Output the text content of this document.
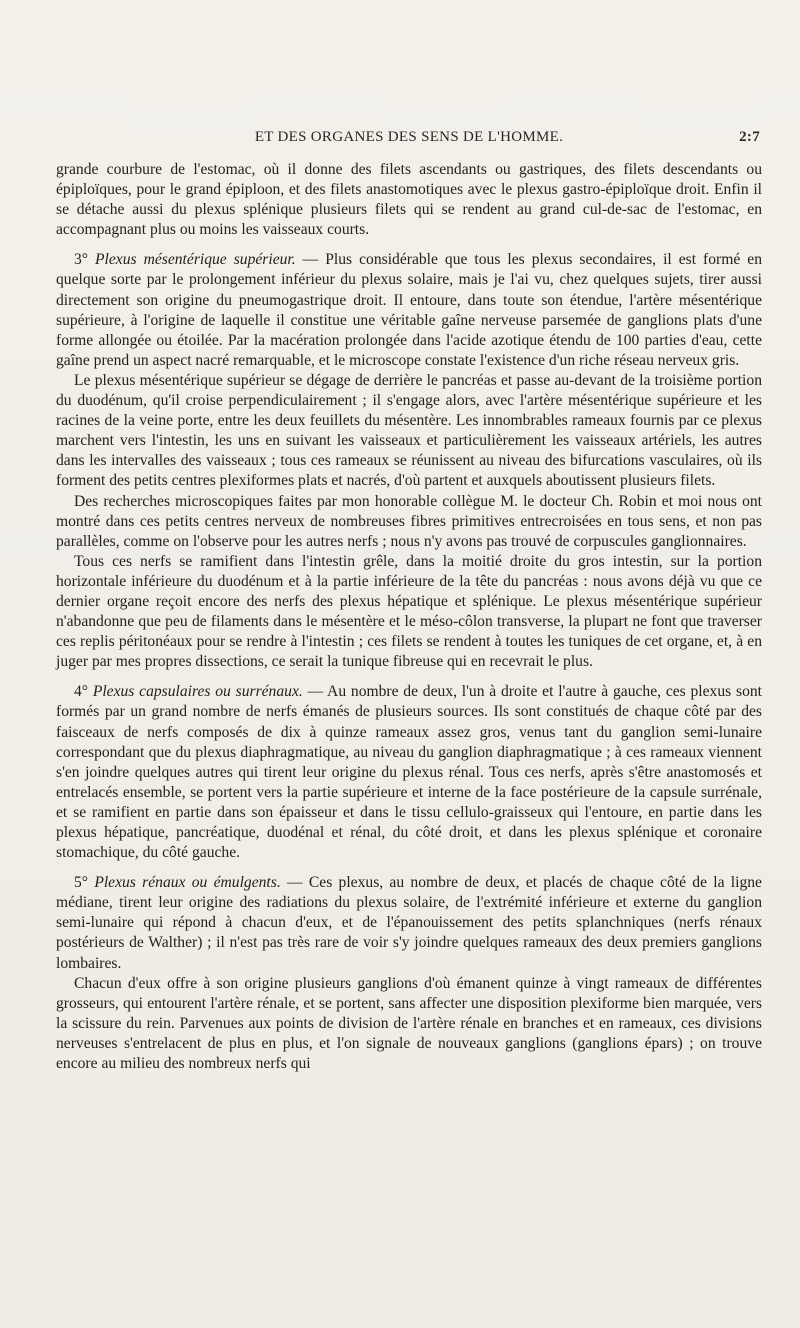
ET DES ORGANES DES SENS DE L'HOMME.	2:7

grande courbure de l'estomac, où il donne des filets ascendants ou gastriques, des filets descendants ou épiploïques, pour le grand épiploon, et des filets anastomotiques avec le plexus gastro-épiploïque droit. Enfin il se détache aussi du plexus splénique plusieurs filets qui se rendent au grand cul-de-sac de l'estomac, en accompagnant plus ou moins les vaisseaux courts.

3° Plexus mésentérique supérieur. — Plus considérable que tous les plexus secondaires, il est formé en quelque sorte par le prolongement inférieur du plexus solaire, mais je l'ai vu, chez quelques sujets, tirer aussi directement son origine du pneumogastrique droit. Il entoure, dans toute son étendue, l'artère mésentérique supérieure, à l'origine de laquelle il constitue une véritable gaîne nerveuse parsemée de ganglions plats d'une forme allongée ou étoilée. Par la macération prolongée dans l'acide azotique étendu de 100 parties d'eau, cette gaîne prend un aspect nacré remarquable, et le microscope constate l'existence d'un riche réseau nerveux gris.

Le plexus mésentérique supérieur se dégage de derrière le pancréas et passe au-devant de la troisième portion du duodénum, qu'il croise perpendiculairement ; il s'engage alors, avec l'artère mésentérique supérieure et les racines de la veine porte, entre les deux feuillets du mésentère. Les innombrables rameaux fournis par ce plexus marchent vers l'intestin, les uns en suivant les vaisseaux et particulièrement les vaisseaux artériels, les autres dans les intervalles des vaisseaux ; tous ces rameaux se réunissent au niveau des bifurcations vasculaires, où ils forment des petits centres plexiformes plats et nacrés, d'où partent et auxquels aboutissent plusieurs filets.

Des recherches microscopiques faites par mon honorable collègue M. le docteur Ch. Robin et moi nous ont montré dans ces petits centres nerveux de nombreuses fibres primitives entrecroisées en tous sens, et non pas parallèles, comme on l'observe pour les autres nerfs ; nous n'y avons pas trouvé de corpuscules ganglionnaires.

Tous ces nerfs se ramifient dans l'intestin grêle, dans la moitié droite du gros intestin, sur la portion horizontale inférieure du duodénum et à la partie inférieure de la tête du pancréas : nous avons déjà vu que ce dernier organe reçoit encore des nerfs des plexus hépatique et splénique. Le plexus mésentérique supérieur n'abandonne que peu de filaments dans le mésentère et le méso-côlon transverse, la plupart ne font que traverser ces replis péritonéaux pour se rendre à l'intestin ; ces filets se rendent à toutes les tuniques de cet organe, et, à en juger par mes propres dissections, ce serait la tunique fibreuse qui en recevrait le plus.

4° Plexus capsulaires ou surrénaux. — Au nombre de deux, l'un à droite et l'autre à gauche, ces plexus sont formés par un grand nombre de nerfs émanés de plusieurs sources. Ils sont constitués de chaque côté par des faisceaux de nerfs composés de dix à quinze rameaux assez gros, venus tant du ganglion semi-lunaire correspondant que du plexus diaphragmatique, au niveau du ganglion diaphragmatique ; à ces rameaux viennent s'en joindre quelques autres qui tirent leur origine du plexus rénal. Tous ces nerfs, après s'être anastomosés et entrelacés ensemble, se portent vers la partie supérieure et interne de la face postérieure de la capsule surrénale, et se ramifient en partie dans son épaisseur et dans le tissu cellulo-graisseux qui l'entoure, en partie dans les plexus hépatique, pancréatique, duodénal et rénal, du côté droit, et dans les plexus splénique et coronaire stomachique, du côté gauche.

5° Plexus rénaux ou émulgents. — Ces plexus, au nombre de deux, et placés de chaque côté de la ligne médiane, tirent leur origine des radiations du plexus solaire, de l'extrémité inférieure et externe du ganglion semi-lunaire qui répond à chacun d'eux, et de l'épanouissement des petits splanchniques (nerfs rénaux postérieurs de Walther) ; il n'est pas très rare de voir s'y joindre quelques rameaux des deux premiers ganglions lombaires.

Chacun d'eux offre à son origine plusieurs ganglions d'où émanent quinze à vingt rameaux de différentes grosseurs, qui entourent l'artère rénale, et se portent, sans affecter une disposition plexiforme bien marquée, vers la scissure du rein. Parvenues aux points de division de l'artère rénale en branches et en rameaux, ces divisions nerveuses s'entrelacent de plus en plus, et l'on signale de nouveaux ganglions (ganglions épars) ; on trouve encore au milieu des nombreux nerfs qui
